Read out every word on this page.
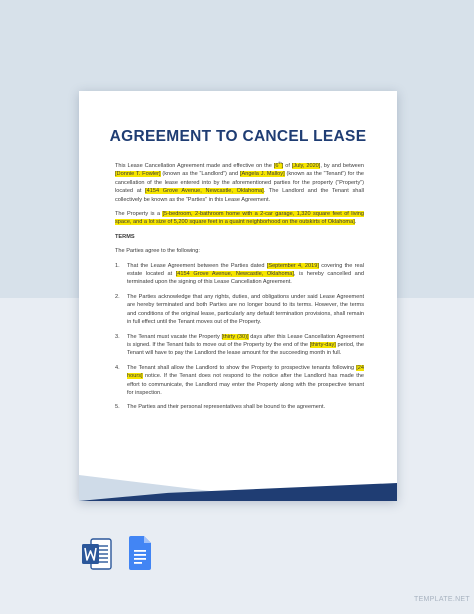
AGREEMENT TO CANCEL LEASE

This Lease Cancellation Agreement made and effective on the [6th] of [July, 2020], by and between [Donnie T. Fowler] (known as the “Landlord”) and [Angela J. Malloy] (known as the “Tenant”) for the cancellation of the lease entered into by the aforementioned parties for the property (“Property”) located at [4154 Grove Avenue, Newcastle, Oklahoma]. The Landlord and the Tenant shall collectively be known as the “Parties” in this Lease Agreement.

The Property is a [5-bedroom, 2-bathroom home with a 2-car garage, 1,320 square feet of living space, and a lot size of 5,200 square feet in a quaint neighborhood on the outskirts of Oklahoma].

TERMS

The Parties agree to the following:

1. That the Lease Agreement between the Parties dated [September 4, 2019] covering the real estate located at [4154 Grove Avenue, Newcastle, Oklahoma], is hereby cancelled and terminated upon the signing of this Lease Cancellation Agreement.
2. The Parties acknowledge that any rights, duties, and obligations under said Lease Agreement are hereby terminated and both Parties are no longer bound to its terms. However, the terms and conditions of the original lease, particularly any default termination provisions, shall remain in full effect until the Tenant moves out of the Property.
3. The Tenant must vacate the Property [thirty (30)] days after this Lease Cancellation Agreement is signed. If the Tenant fails to move out of the Property by the end of the [thirty-day] period, the Tenant will have to pay the Landlord the lease amount for the succeeding month in full.
4. The Tenant shall allow the Landlord to show the Property to prospective tenants following [24 hours] notice. If the Tenant does not respond to the notice after the Landlord has made the effort to communicate, the Landlord may enter the Property along with the prospective tenant for inspection.
5. The Parties and their personal representatives shall be bound to the agreement.
TEMPLATE.NET
